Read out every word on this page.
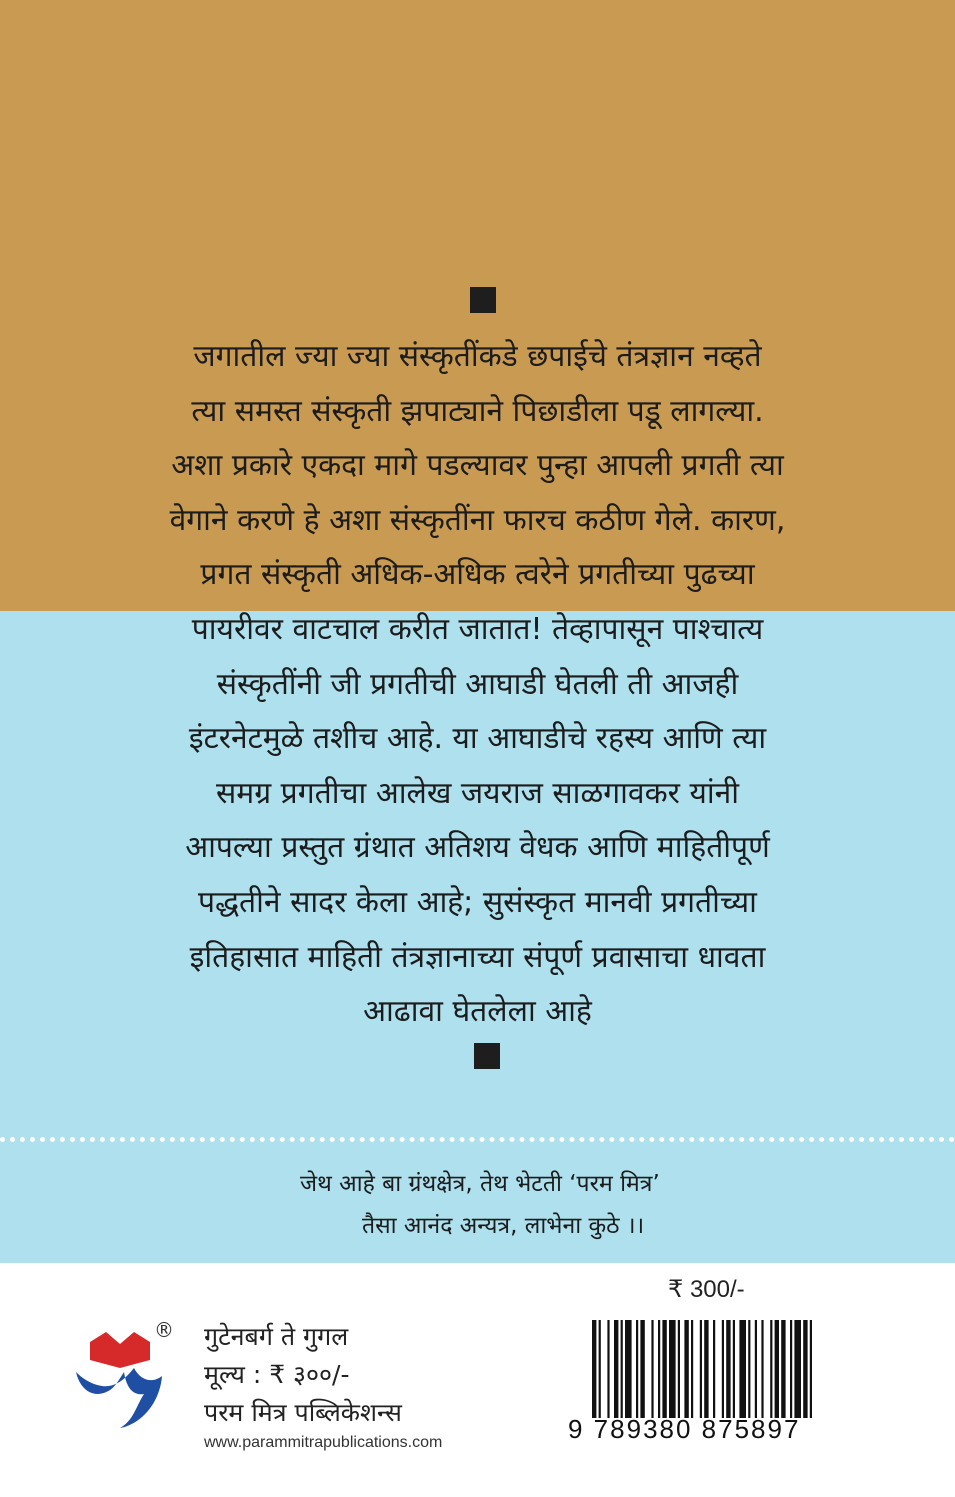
जगातील ज्या ज्या संस्कृतींकडे छपाईचे तंत्रज्ञान नव्हते
त्या समस्त संस्कृती झपाट्याने पिछाडीला पडू लागल्या.
अशा प्रकारे एकदा मागे पडल्यावर पुन्हा आपली प्रगती त्या
वेगाने करणे हे अशा संस्कृतींना फारच कठीण गेले. कारण,
प्रगत संस्कृती अधिक-अधिक त्वरेने प्रगतीच्या पुढच्या
पायरीवर वाटचाल करीत जातात! तेव्हापासून पाश्चात्य
संस्कृतींनी जी प्रगतीची आघाडी घेतली ती आजही
इंटरनेटमुळे तशीच आहे. या आघाडीचे रहस्य आणि त्या
समग्र प्रगतीचा आलेख जयराज साळगावकर यांनी
आपल्या प्रस्तुत ग्रंथात अतिशय वेधक आणि माहितीपूर्ण
पद्धतीने सादर केला आहे; सुसंस्कृत मानवी प्रगतीच्या
इतिहासात माहिती तंत्रज्ञानाच्या संपूर्ण प्रवासाचा धावता
आढावा घेतलेला आहे
जेथ आहे बा ग्रंथक्षेत्र, तेथ भेटती ‘परम मित्र’
तैसा आनंद अन्यत्र, लाभेना कुठे ।।
® गुटेनबर्ग ते गुगल
मूल्य : ₹ ३००/-
परम मित्र पब्लिकेशन्स
www.parammitrapublications.com
₹ 300/-
9 789380 875897
